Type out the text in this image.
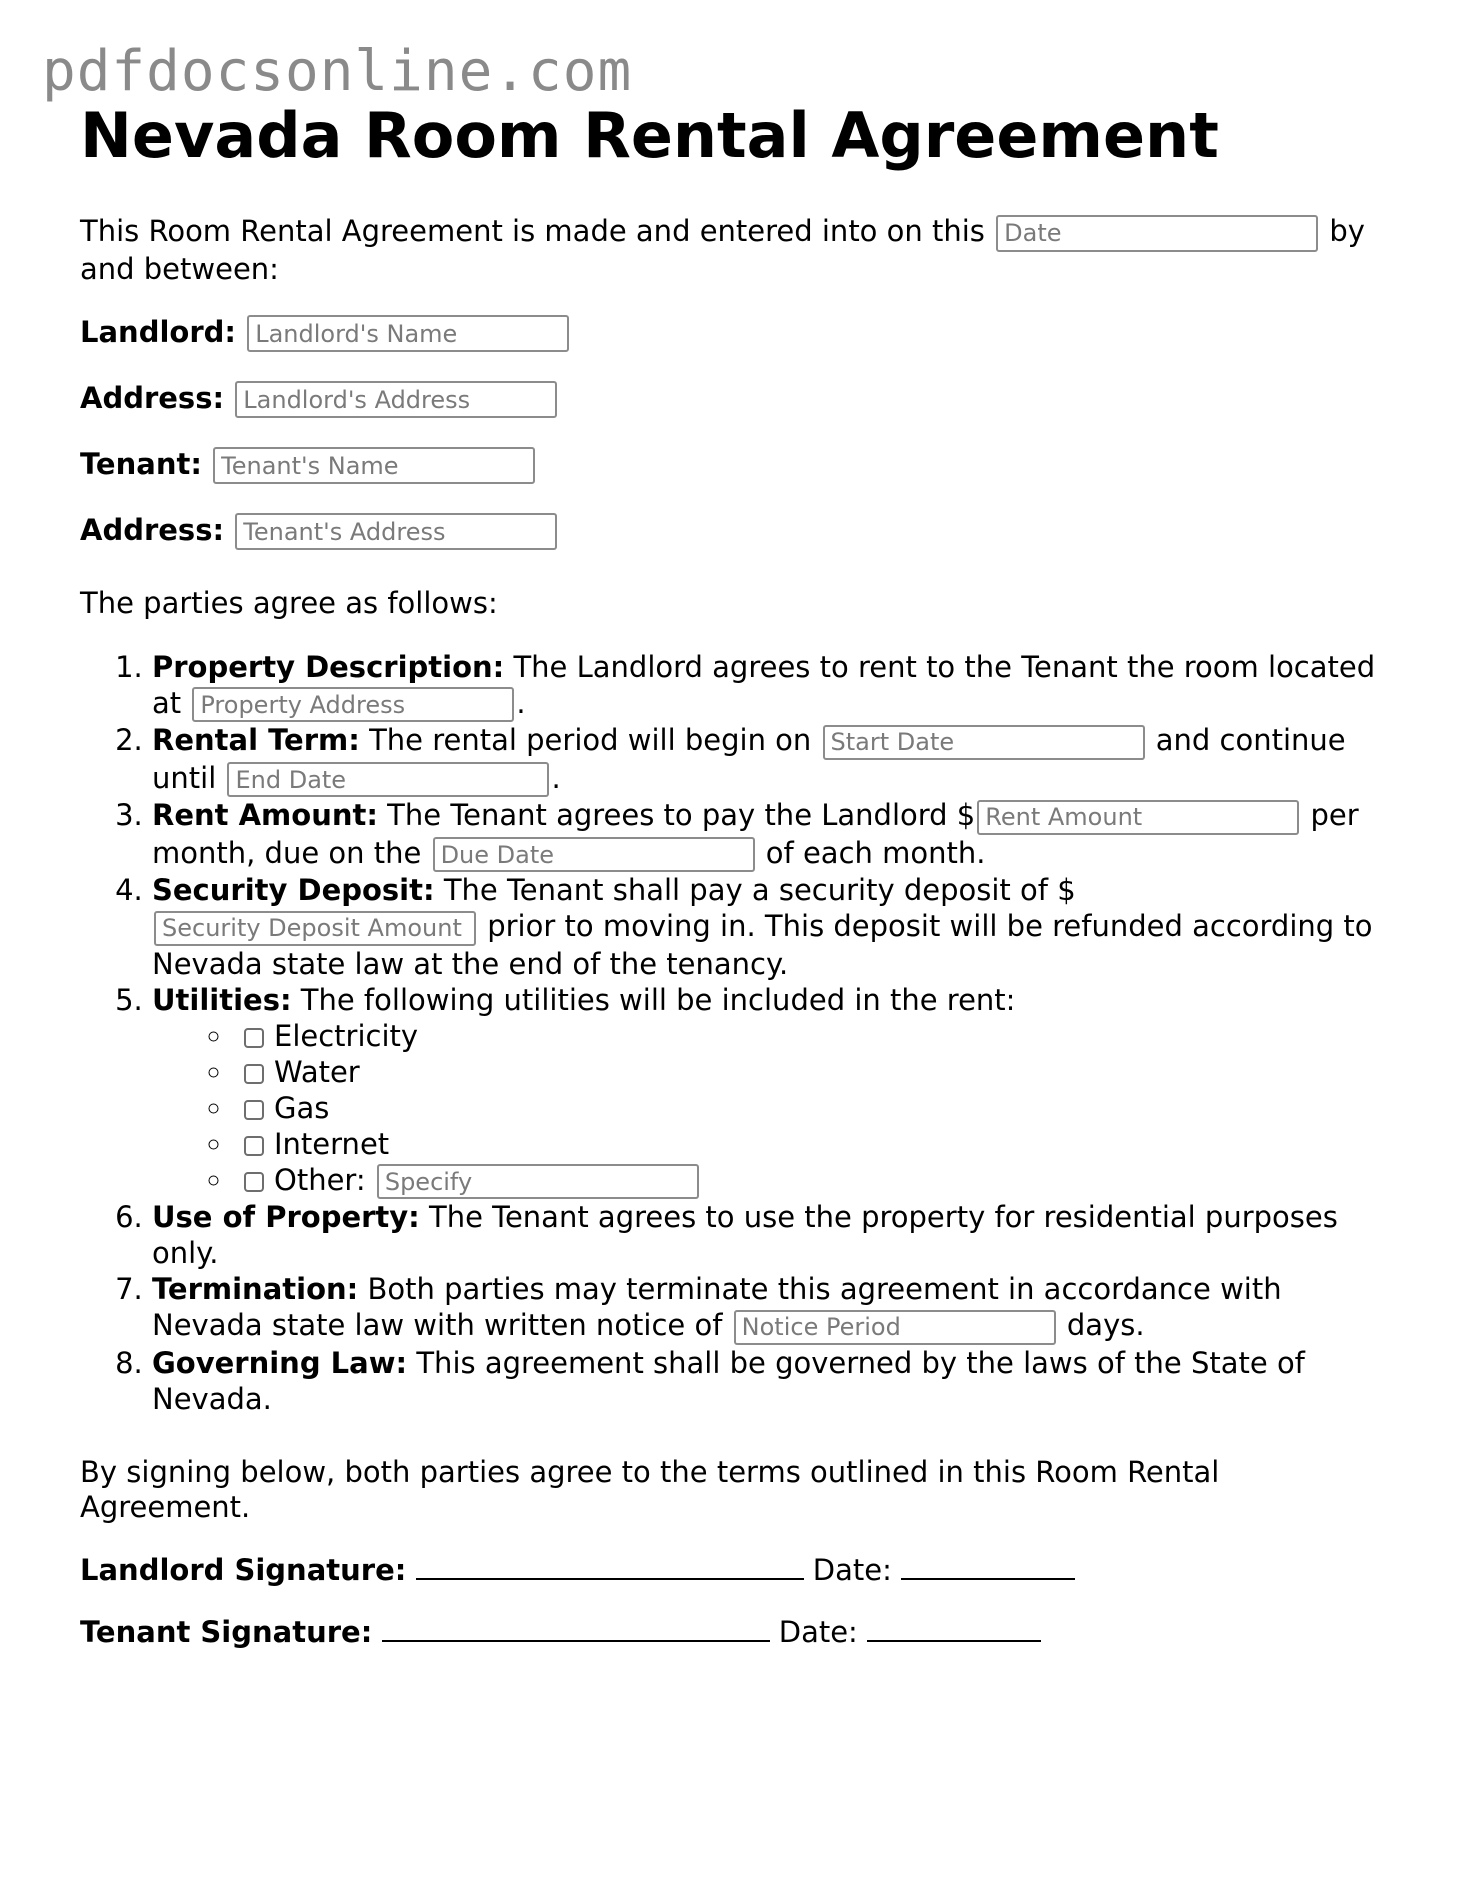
pdfdocsonline.com
Nevada Room Rental Agreement

This Room Rental Agreement is made and entered into on this Date	by and between:

Landlord: Landlord's Name
Address: Landlord's Address
Tenant: Tenant's Name
Address: Tenant's Address

The parties agree as follows:

1. Property Description: The Landlord agrees to rent to the Tenant the room located at Property Address	.
2. Rental Term: The rental period will begin on Start Date	and continue until End Date	.
3. Rent Amount: The Tenant agrees to pay the Landlord $Rent Amount	per month, due on the Due Date	of each month.
4. Security Deposit: The Tenant shall pay a security deposit of $Security Deposit Amount prior to moving in. This deposit will be refunded according to Nevada state law at the end of the tenancy.
5. Utilities: The following utilities will be included in the rent:
◦ Electricity
◦ Water
◦ Gas
◦ Internet
◦ Other: Specify
6. Use of Property: The Tenant agrees to use the property for residential purposes only.
7. Termination: Both parties may terminate this agreement in accordance with Nevada state law with written notice of Notice Period	days.
8. Governing Law: This agreement shall be governed by the laws of the State of Nevada.

By signing below, both parties agree to the terms outlined in this Room Rental Agreement.

Landlord Signature:	Date:

Tenant Signature:	Date:
